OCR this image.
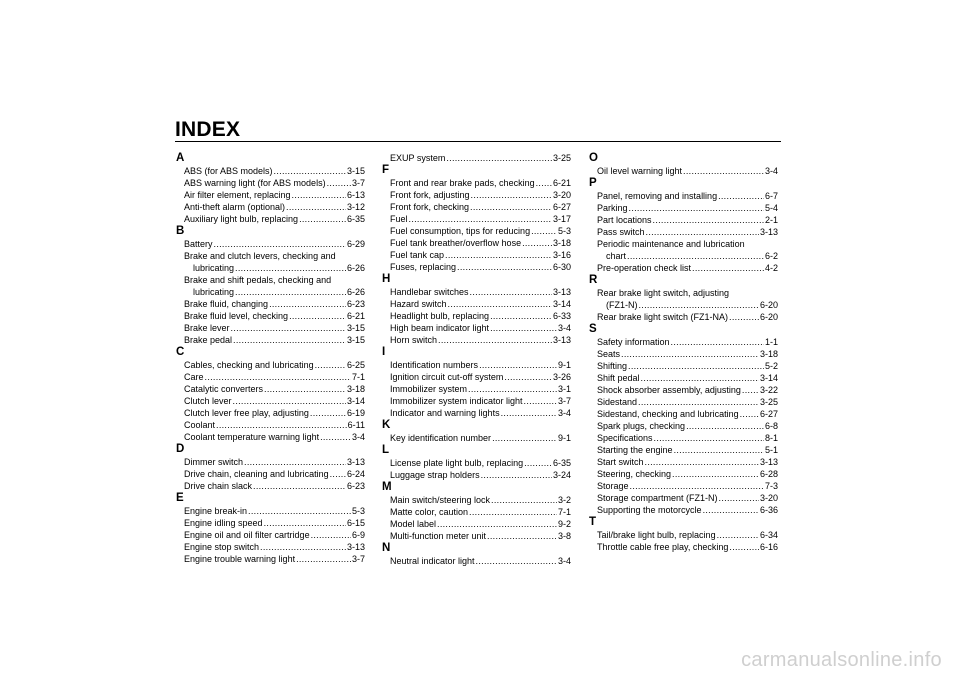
INDEX
A
ABS (for ABS models) .....	3-15
ABS warning light (for ABS models) .....	3-7
Air filter element, replacing .....	6-13
Anti-theft alarm (optional) .....	3-12
Auxiliary light bulb, replacing .....	6-35
B
Battery .....	6-29
Brake and clutch levers, checking and
lubricating .....	6-26
Brake and shift pedals, checking and
lubricating .....	6-26
Brake fluid, changing .....	6-23
Brake fluid level, checking .....	6-21
Brake lever .....	3-15
Brake pedal .....	3-15
C
Cables, checking and lubricating .....	6-25
Care .....	7-1
Catalytic converters .....	3-18
Clutch lever .....	3-14
Clutch lever free play, adjusting .....	6-19
Coolant .....	6-11
Coolant temperature warning light .....	3-4
D
Dimmer switch .....	3-13
Drive chain, cleaning and lubricating ..... 6-24
Drive chain slack .....	6-23
E
Engine break-in .....	5-3
Engine idling speed .....	6-15
Engine oil and oil filter cartridge .....	6-9
Engine stop switch .....	3-13
Engine trouble warning light .....	3-7
EXUP system .....	3-25
F
Front and rear brake pads, checking ..... 6-21
Front fork, adjusting .....	3-20
Front fork, checking .....	6-27
Fuel .....	3-17
Fuel consumption, tips for reducing .....	5-3
Fuel tank breather/overflow hose .....	3-18
Fuel tank cap .....	3-16
Fuses, replacing .....	6-30
H
Handlebar switches .....	3-13
Hazard switch .....	3-14
Headlight bulb, replacing .....	6-33
High beam indicator light .....	3-4
Horn switch .....	3-13
I
Identification numbers .....	9-1
Ignition circuit cut-off system .....	3-26
Immobilizer system .....	3-1
Immobilizer system indicator light .....	3-7
Indicator and warning lights .....	3-4
K
Key identification number .....	9-1
L
License plate light bulb, replacing .....	6-35
Luggage strap holders .....	3-24
M
Main switch/steering lock .....	3-2
Matte color, caution .....	7-1
Model label .....	9-2
Multi-function meter unit .....	3-8
N
Neutral indicator light .....	3-4
O
Oil level warning light .....	3-4
P
Panel, removing and installing .....	6-7
Parking .....	5-4
Part locations .....	2-1
Pass switch .....	3-13
Periodic maintenance and lubrication
chart .....	6-2
Pre-operation check list .....	4-2
R
Rear brake light switch, adjusting
(FZ1-N) .....	6-20
Rear brake light switch (FZ1-NA) .....	6-20
S
Safety information .....	1-1
Seats .....	3-18
Shifting .....	5-2
Shift pedal .....	3-14
Shock absorber assembly, adjusting ..... 3-22
Sidestand .....	3-25
Sidestand, checking and lubricating ..... 6-27
Spark plugs, checking .....	6-8
Specifications .....	8-1
Starting the engine .....	5-1
Start switch .....	3-13
Steering, checking .....	6-28
Storage .....	7-3
Storage compartment (FZ1-N) .....	3-20
Supporting the motorcycle .....	6-36
T
Tail/brake light bulb, replacing .....	6-34
Throttle cable free play, checking .....	6-16
carmanualsonline.info
